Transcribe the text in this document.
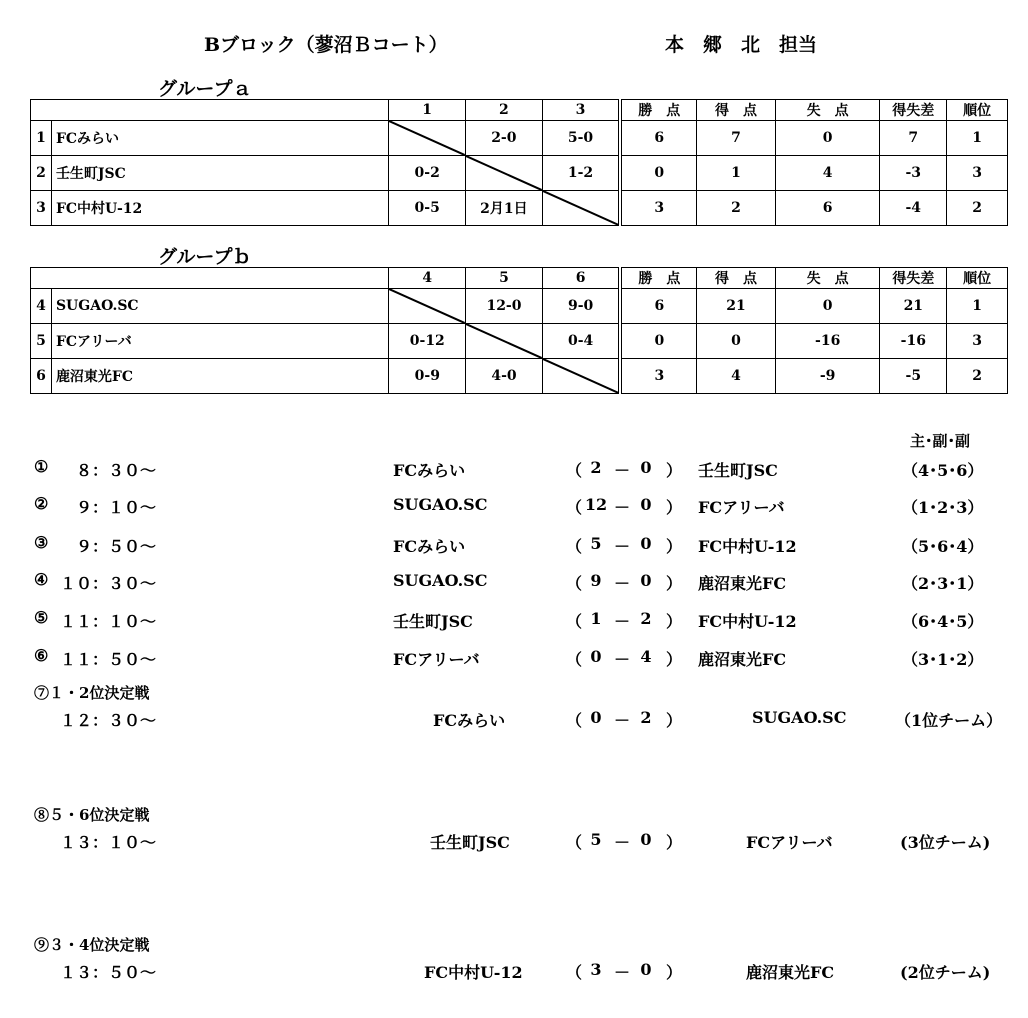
Bブロック（蓼沼Ｂコート）	本　郷　北　担当
グループａ
		1	2	3	勝　点	得　点	失　点	得失差	順位
1	FCみらい		2-0	5-0	6	7	0	7	1
2	壬生町JSC	0-2		1-2	0	1	4	-3	3
3	FC中村U-12	0-5	2月1日		3	2	6	-4	2
グループｂ
		4	5	6	勝　点	得　点	失　点	得失差	順位
4	SUGAO.SC		12-0	9-0	6	21	0	21	1
5	FCアリーバ	0-12		0-4	0	0	-16	-16	3
6	鹿沼東光FC	0-9	4-0		3	4	-9	-5	2
主･副･副
① ８：３０～	FCみらい	（ 2 － 0 ） 壬生町JSC	（4･5･6）
② ９：１０～	SUGAO.SC	（ 12 － 0 ） FCアリーバ	（1･2･3）
③ ９：５０～	FCみらい	（ 5 － 0 ） FC中村U-12	（5･6･4）
④ １０：３０～	SUGAO.SC	（ 9 － 0 ） 鹿沼東光FC	（2･3･1）
⑤ １１：１０～	壬生町JSC	（ 1 － 2 ） FC中村U-12	（6･4･5）
⑥ １１：５０～	FCアリーバ	（ 0 － 4 ） 鹿沼東光FC	（3･1･2）
⑦１・2位決定戦
１２：３０～	FCみらい	（ 0 － 2 ）	SUGAO.SC	（1位チーム）
⑧５・6位決定戦
１３：１０～	壬生町JSC	（ 5 － 0 ）	FCアリーバ	(3位チーム)
⑨３・4位決定戦
１３：５０～	FC中村U-12	（ 3 － 0 ）	鹿沼東光FC	(2位チーム)
